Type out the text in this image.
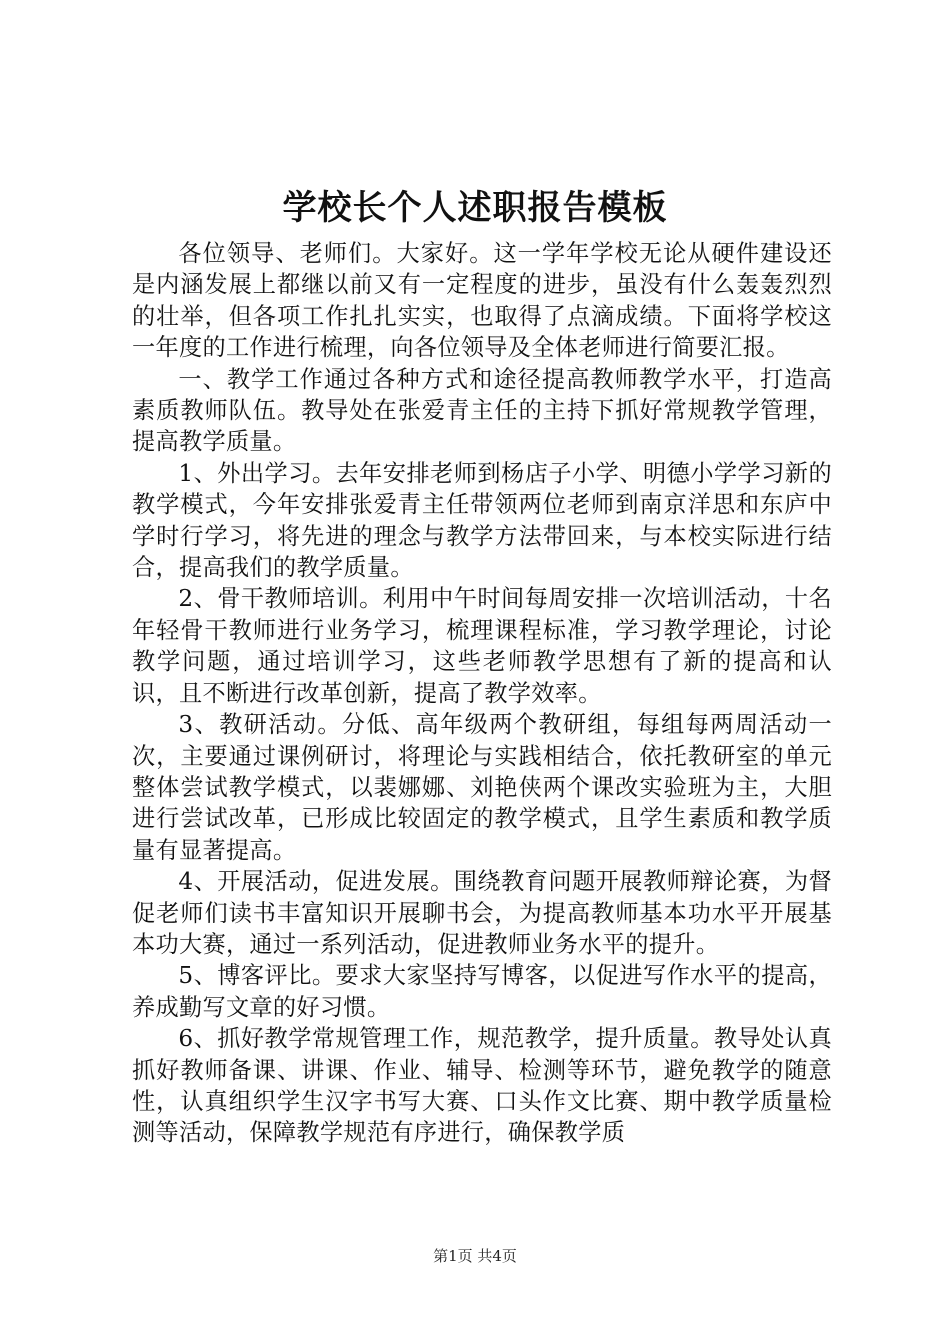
学校长个人述职报告模板

各位领导、老师们。大家好。这一学年学校无论从硬件建设还是内涵发展上都继以前又有一定程度的进步，虽没有什么轰轰烈烈的壮举，但各项工作扎扎实实，也取得了点滴成绩。下面将学校这一年度的工作进行梳理，向各位领导及全体老师进行简要汇报。

一、教学工作通过各种方式和途径提高教师教学水平，打造高素质教师队伍。教导处在张爱青主任的主持下抓好常规教学管理，提高教学质量。

1、外出学习。去年安排老师到杨店子小学、明德小学学习新的教学模式，今年安排张爱青主任带领两位老师到南京洋思和东庐中学时行学习，将先进的理念与教学方法带回来，与本校实际进行结合，提高我们的教学质量。

2、骨干教师培训。利用中午时间每周安排一次培训活动，十名年轻骨干教师进行业务学习，梳理课程标准，学习教学理论，讨论教学问题，通过培训学习，这些老师教学思想有了新的提高和认识，且不断进行改革创新，提高了教学效率。

3、教研活动。分低、高年级两个教研组，每组每两周活动一次，主要通过课例研讨，将理论与实践相结合，依托教研室的单元整体尝试教学模式，以裴娜娜、刘艳侠两个课改实验班为主，大胆进行尝试改革，已形成比较固定的教学模式，且学生素质和教学质量有显著提高。

4、开展活动，促进发展。围绕教育问题开展教师辩论赛，为督促老师们读书丰富知识开展聊书会，为提高教师基本功水平开展基本功大赛，通过一系列活动，促进教师业务水平的提升。

5、博客评比。要求大家坚持写博客，以促进写作水平的提高，养成勤写文章的好习惯。

6、抓好教学常规管理工作，规范教学，提升质量。教导处认真抓好教师备课、讲课、作业、辅导、检测等环节，避免教学的随意性，认真组织学生汉字书写大赛、口头作文比赛、期中教学质量检测等活动，保障教学规范有序进行，确保教学质

第1页 共4页
